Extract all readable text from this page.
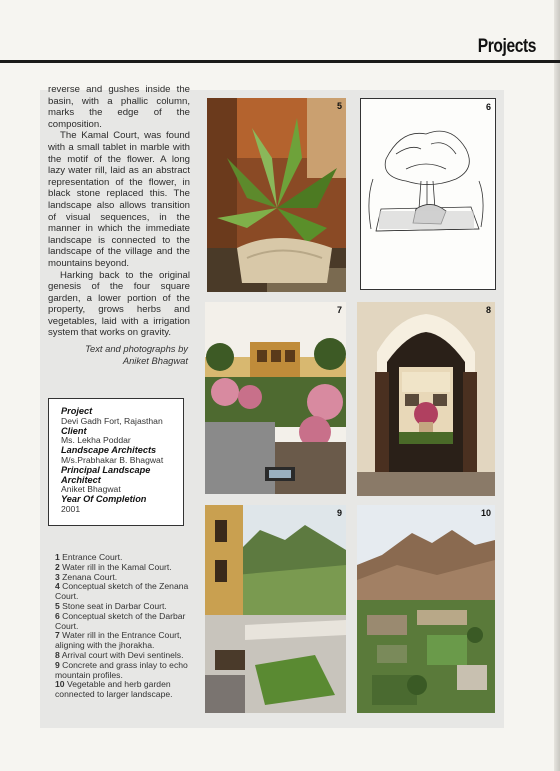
Projects

reverse and gushes inside the basin, with a phallic column, marks the edge of the composition.

The Kamal Court, was found with a small tablet in marble with the motif of the flower. A long lazy water rill, laid as an abstract representation of the flower, in black stone replaced this. The landscape also allows transition of visual sequences, in the manner in which the immediate landscape is connected to the landscape of the village and the mountains beyond.

Harking back to the original genesis of the four square garden, a lower portion of the property, grows herbs and vegetables, laid with a irrigation system that works on gravity.

Text and photographs by
Aniket Bhagwat
Project
Devi Gadh Fort, Rajasthan
Client
Ms. Lekha Poddar
Landscape Architects
M/s.Prabhakar B. Bhagwat
Principal Landscape
Architect
Aniket Bhagwat
Year Of Completion
2001
1 Entrance Court.
2 Water rill in the Kamal Court.
3 Zenana Court.
4 Conceptual sketch of the Zenana Court.
5 Stone seat in Darbar Court.
6 Conceptual sketch of the Darbar Court.
7 Water rill in the Entrance Court, aligning with the jhorakha.
8 Arrival court with Devi sentinels.
9 Concrete and grass inlay to echo mountain profiles.
10 Vegetable and herb garden connected to larger landscape.
5	6
7	8
9	10
